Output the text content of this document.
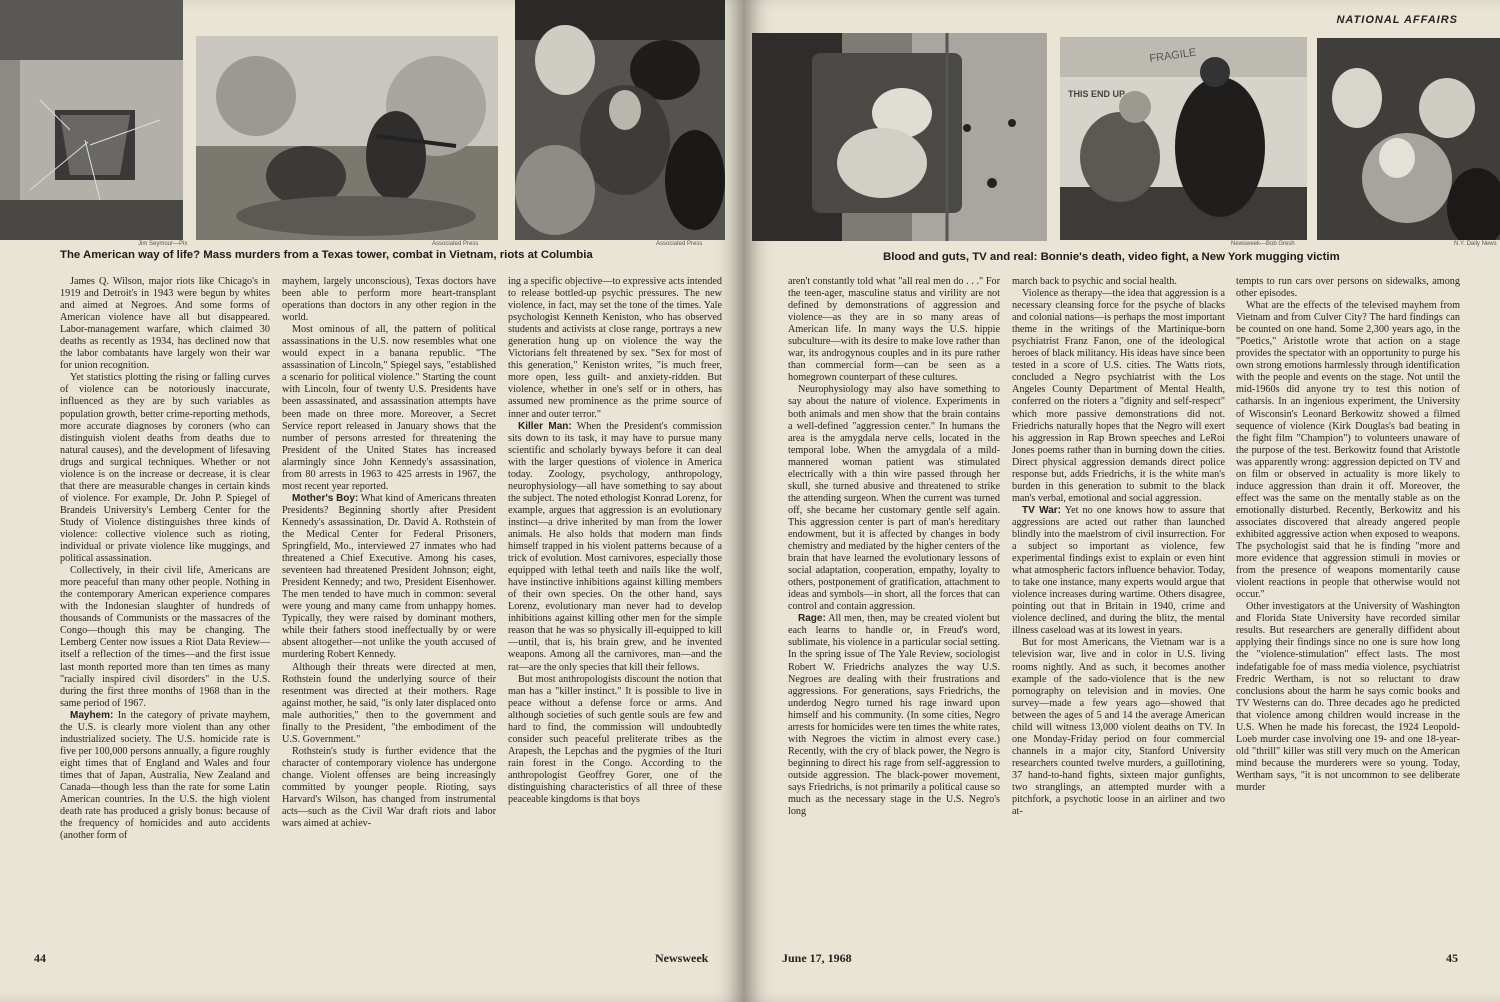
Jim Seymour—Pix	Associated Press	Associated Press
The American way of life? Mass murders from a Texas tower, combat in Vietnam, riots at Columbia

James Q. Wilson, major riots like Chicago's in 1919 and Detroit's in 1943 were begun by whites and aimed at Negroes. And some forms of American violence have all but disappeared. Labor-management warfare, which claimed 30 deaths as recently as 1934, has declined now that the labor combatants have largely won their war for union recognition.

Yet statistics plotting the rising or falling curves of violence can be notoriously inaccurate, influenced as they are by such variables as population growth, better crime-reporting methods, more accurate diagnoses by coroners (who can distinguish violent deaths from deaths due to natural causes), and the development of lifesaving drugs and surgical techniques. Whether or not violence is on the increase or decrease, it is clear that there are measurable changes in certain kinds of violence. For example, Dr. John P. Spiegel of Brandeis University's Lemberg Center for the Study of Violence distinguishes three kinds of violence: collective violence such as rioting, individual or private violence like muggings, and political assassination.

Collectively, in their civil life, Americans are more peaceful than many other people. Nothing in the contemporary American experience compares with the Indonesian slaughter of hundreds of thousands of Communists or the massacres of the Congo—though this may be changing. The Lemberg Center now issues a Riot Data Review—itself a reflection of the times—and the first issue last month reported more than ten times as many "racially inspired civil disorders" in the U.S. during the first three months of 1968 than in the same period of 1967.

Mayhem: In the category of private mayhem, the U.S. is clearly more violent than any other industrialized society. The U.S. homicide rate is five per 100,000 persons annually, a figure roughly eight times that of England and Wales and four times that of Japan, Australia, New Zealand and Canada—though less than the rate for some Latin American countries. In the U.S. the high violent death rate has produced a grisly bonus: because of the frequency of homicides and auto accidents (another form of

mayhem, largely unconscious), Texas doctors have been able to perform more heart-transplant operations than doctors in any other region in the world.

Most ominous of all, the pattern of political assassinations in the U.S. now resembles what one would expect in a banana republic. "The assassination of Lincoln," Spiegel says, "established a scenario for political violence." Starting the count with Lincoln, four of twenty U.S. Presidents have been assassinated, and assassination attempts have been made on three more. Moreover, a Secret Service report released in January shows that the number of persons arrested for threatening the President of the United States has increased alarmingly since John Kennedy's assassination, from 80 arrests in 1963 to 425 arrests in 1967, the most recent year reported.

Mother's Boy: What kind of Americans threaten Presidents? Beginning shortly after President Kennedy's assassination, Dr. David A. Rothstein of the Medical Center for Federal Prisoners, Springfield, Mo., interviewed 27 inmates who had threatened a Chief Executive. Among his cases, seventeen had threatened President Johnson; eight, President Kennedy; and two, President Eisenhower. The men tended to have much in common: several were young and many came from unhappy homes. Typically, they were raised by dominant mothers, while their fathers stood ineffectually by or were absent altogether—not unlike the youth accused of murdering Robert Kennedy.

Although their threats were directed at men, Rothstein found the underlying source of their resentment was directed at their mothers. Rage against mother, he said, "is only later displaced onto male authorities," then to the government and finally to the President, "the embodiment of the U.S. Government."

Rothstein's study is further evidence that the character of contemporary violence has undergone change. Violent offenses are being increasingly committed by younger people. Rioting, says Harvard's Wilson, has changed from instrumental acts—such as the Civil War draft riots and labor wars aimed at achiev-

ing a specific objective—to expressive acts intended to release bottled-up psychic pressures. The new violence, in fact, may set the tone of the times. Yale psychologist Kenneth Keniston, who has observed students and activists at close range, portrays a new generation hung up on violence the way the Victorians felt threatened by sex. "Sex for most of this generation," Keniston writes, "is much freer, more open, less guilt- and anxiety-ridden. But violence, whether in one's self or in others, has assumed new prominence as the prime source of inner and outer terror."

Killer Man: When the President's commission sits down to its task, it may have to pursue many scientific and scholarly byways before it can deal with the larger questions of violence in America today. Zoology, psychology, anthropology, neurophysiology—all have something to say about the subject. The noted ethologist Konrad Lorenz, for example, argues that aggression is an evolutionary instinct—a drive inherited by man from the lower animals. He also holds that modern man finds himself trapped in his violent patterns because of a trick of evolution. Most carnivores, especially those equipped with lethal teeth and nails like the wolf, have instinctive inhibitions against killing members of their own species. On the other hand, says Lorenz, evolutionary man never had to develop inhibitions against killing other men for the simple reason that he was so physically ill-equipped to kill—until, that is, his brain grew, and he invented weapons. Among all the carnivores, man—and the rat—are the only species that kill their fellows.

But most anthropologists discount the notion that man has a "killer instinct." It is possible to live in peace without a defense force or arms. And although societies of such gentle souls are few and hard to find, the commission will undoubtedly consider such peaceful preliterate tribes as the Arapesh, the Lepchas and the pygmies of the Ituri rain forest in the Congo. According to the anthropologist Geoffrey Gorer, one of the distinguishing characteristics of all three of these peaceable kingdoms is that boys

44	Newsweek
NATIONAL AFFAIRS
FRAGILE
THIS END UP
Newsweek—Bob Gresh	N.Y. Daily News
Blood and guts, TV and real: Bonnie's death, video fight, a New York mugging victim

aren't constantly told what "all real men do . . ." For the teen-ager, masculine status and virility are not defined by demonstrations of aggression and violence—as they are in so many areas of American life. In many ways the U.S. hippie subculture—with its desire to make love rather than war, its androgynous couples and in its pure rather than commercial form—can be seen as a homegrown counterpart of these cultures.

Neurophysiology may also have something to say about the nature of violence. Experiments in both animals and men show that the brain contains a well-defined "aggression center." In humans the area is the amygdala nerve cells, located in the temporal lobe. When the amygdala of a mild-mannered woman patient was stimulated electrically with a thin wire passed through her skull, she turned abusive and threatened to strike the attending surgeon. When the current was turned off, she became her customary gentle self again. This aggression center is part of man's hereditary endowment, but it is affected by changes in body chemistry and mediated by the higher centers of the brain that have learned the evolutionary lessons of social adaptation, cooperation, empathy, loyalty to others, postponement of gratification, attachment to ideas and symbols—in short, all the forces that can control and contain aggression.

Rage: All men, then, may be created violent but each learns to handle or, in Freud's word, sublimate, his violence in a particular social setting. In the spring issue of The Yale Review, sociologist Robert W. Friedrichs analyzes the way U.S. Negroes are dealing with their frustrations and aggressions. For generations, says Friedrichs, the underdog Negro turned his rage inward upon himself and his community. (In some cities, Negro arrests for homicides were ten times the white rates, with Negroes the victim in almost every case.) Recently, with the cry of black power, the Negro is beginning to direct his rage from self-aggression to outside aggression. The black-power movement, says Friedrichs, is not primarily a political cause so much as the necessary stage in the U.S. Negro's long

march back to psychic and social health.

Violence as therapy—the idea that aggression is a necessary cleansing force for the psyche of blacks and colonial nations—is perhaps the most important theme in the writings of the Martinique-born psychiatrist Franz Fanon, one of the ideological heroes of black militancy. His ideas have since been tested in a score of U.S. cities. The Watts riots, concluded a Negro psychiatrist with the Los Angeles County Department of Mental Health, conferred on the rioters a "dignity and self-respect" which more passive demonstrations did not. Friedrichs naturally hopes that the Negro will exert his aggression in Rap Brown speeches and LeRoi Jones poems rather than in burning down the cities. Direct physical aggression demands direct police response but, adds Friedrichs, it is the white man's burden in this generation to submit to the black man's verbal, emotional and social aggression.

TV War: Yet no one knows how to assure that aggressions are acted out rather than launched blindly into the maelstrom of civil insurrection. For a subject so important as violence, few experimental findings exist to explain or even hint what atmospheric factors influence behavior. Today, to take one instance, many experts would argue that violence increases during wartime. Others disagree, pointing out that in Britain in 1940, crime and violence declined, and during the blitz, the mental illness caseload was at its lowest in years.

But for most Americans, the Vietnam war is a television war, live and in color in U.S. living rooms nightly. And as such, it becomes another example of the sado-violence that is the new pornography on television and in movies. One survey—made a few years ago—showed that between the ages of 5 and 14 the average American child will witness 13,000 violent deaths on TV. In one Monday-Friday period on four commercial channels in a major city, Stanford University researchers counted twelve murders, a guillotining, 37 hand-to-hand fights, sixteen major gunfights, two stranglings, an attempted murder with a pitchfork, a psychotic loose in an airliner and two at-

tempts to run cars over persons on sidewalks, among other episodes.

What are the effects of the televised mayhem from Vietnam and from Culver City? The hard findings can be counted on one hand. Some 2,300 years ago, in the "Poetics," Aristotle wrote that action on a stage provides the spectator with an opportunity to purge his own strong emotions harmlessly through identification with the people and events on the stage. Not until the mid-1960s did anyone try to test this notion of catharsis. In an ingenious experiment, the University of Wisconsin's Leonard Berkowitz showed a filmed sequence of violence (Kirk Douglas's bad beating in the fight film "Champion") to volunteers unaware of the purpose of the test. Berkowitz found that Aristotle was apparently wrong: aggression depicted on TV and on film or observed in actuality is more likely to induce aggression than drain it off. Moreover, the effect was the same on the mentally stable as on the emotionally disturbed. Recently, Berkowitz and his associates discovered that already angered people exhibited aggressive action when exposed to weapons. The psychologist said that he is finding "more and more evidence that aggression stimuli in movies or from the presence of weapons momentarily cause violent reactions in people that otherwise would not occur."

Other investigators at the University of Washington and Florida State University have recorded similar results. But researchers are generally diffident about applying their findings since no one is sure how long the "violence-stimulation" effect lasts. The most indefatigable foe of mass media violence, psychiatrist Fredric Wertham, is not so reluctant to draw conclusions about the harm he says comic books and TV Westerns can do. Three decades ago he predicted that violence among children would increase in the U.S. When he made his forecast, the 1924 Leopold-Loeb murder case involving one 19- and one 18-year-old "thrill" killer was still very much on the American mind because the murderers were so young. Today, Wertham says, "it is not uncommon to see deliberate murder

June 17, 1968	45
